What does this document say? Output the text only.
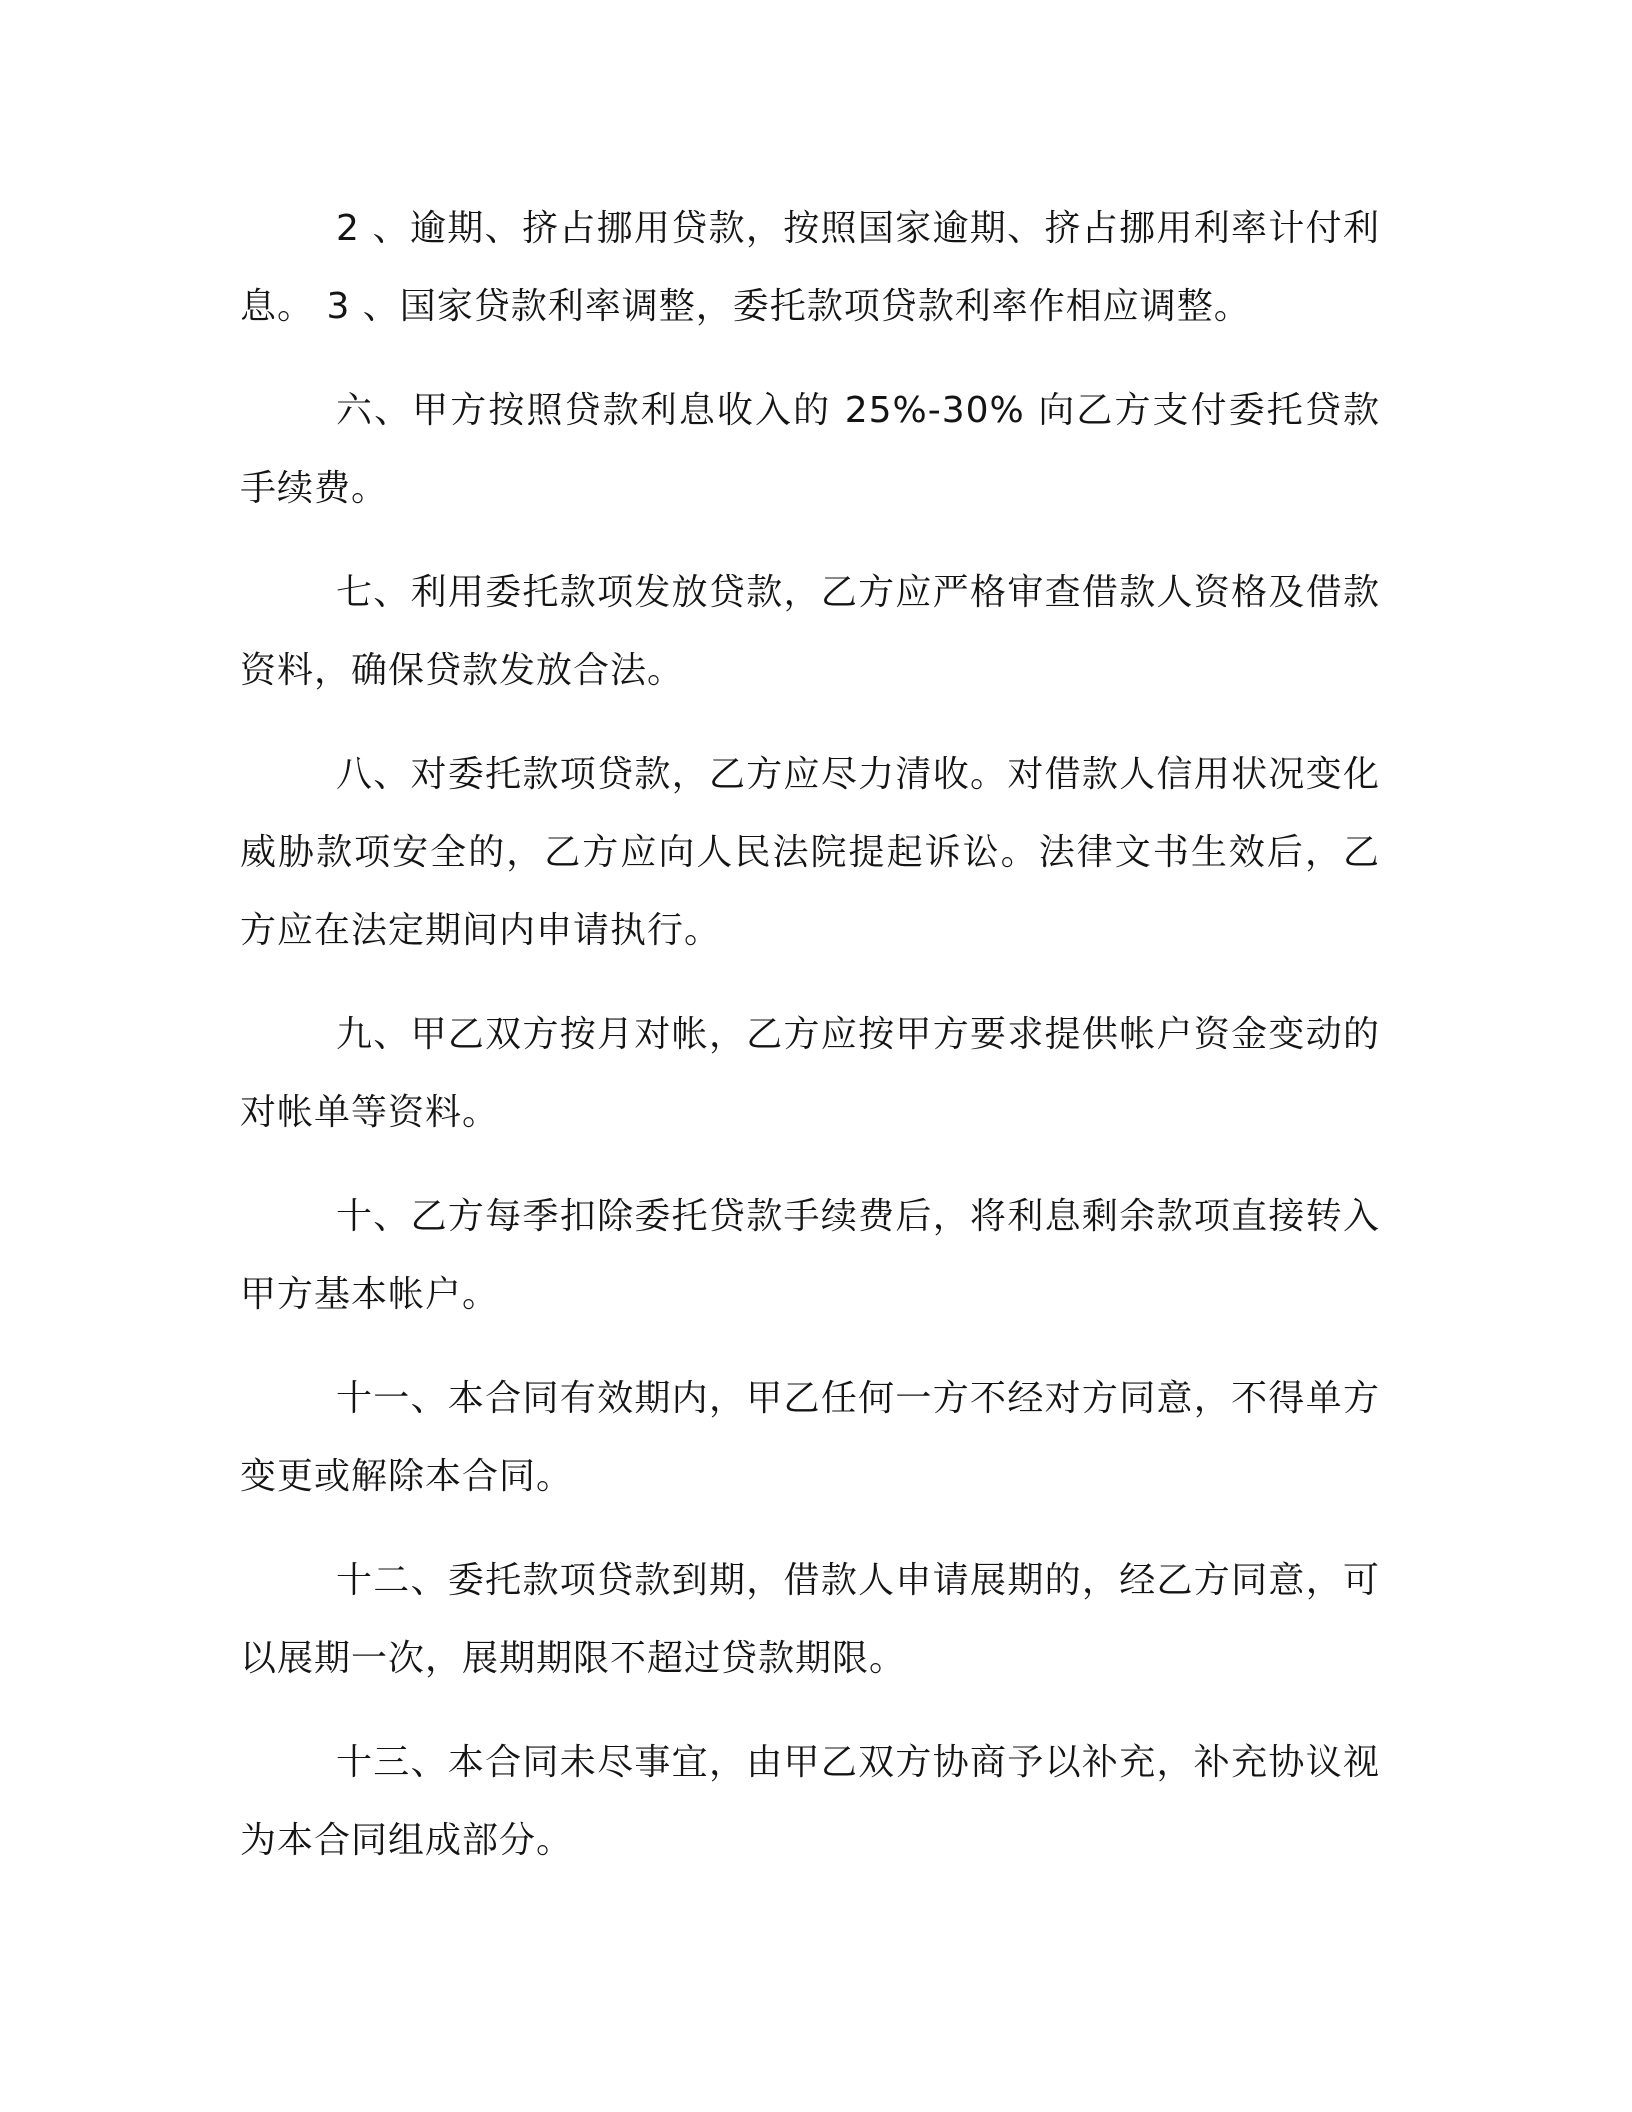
2 、逾期、挤占挪用贷款，按照国家逾期、挤占挪用利率计付利息。 3 、国家贷款利率调整，委托款项贷款利率作相应调整。

六、甲方按照贷款利息收入的 25%-30% 向乙方支付委托贷款手续费。

七、利用委托款项发放贷款，乙方应严格审查借款人资格及借款资料，确保贷款发放合法。

八、对委托款项贷款，乙方应尽力清收。对借款人信用状况变化威胁款项安全的，乙方应向人民法院提起诉讼。法律文书生效后，乙方应在法定期间内申请执行。

九、甲乙双方按月对帐，乙方应按甲方要求提供帐户资金变动的对帐单等资料。

十、乙方每季扣除委托贷款手续费后，将利息剩余款项直接转入甲方基本帐户。

十一、本合同有效期内，甲乙任何一方不经对方同意，不得单方变更或解除本合同。

十二、委托款项贷款到期，借款人申请展期的，经乙方同意，可以展期一次，展期期限不超过贷款期限。

十三、本合同未尽事宜，由甲乙双方协商予以补充，补充协议视为本合同组成部分。
